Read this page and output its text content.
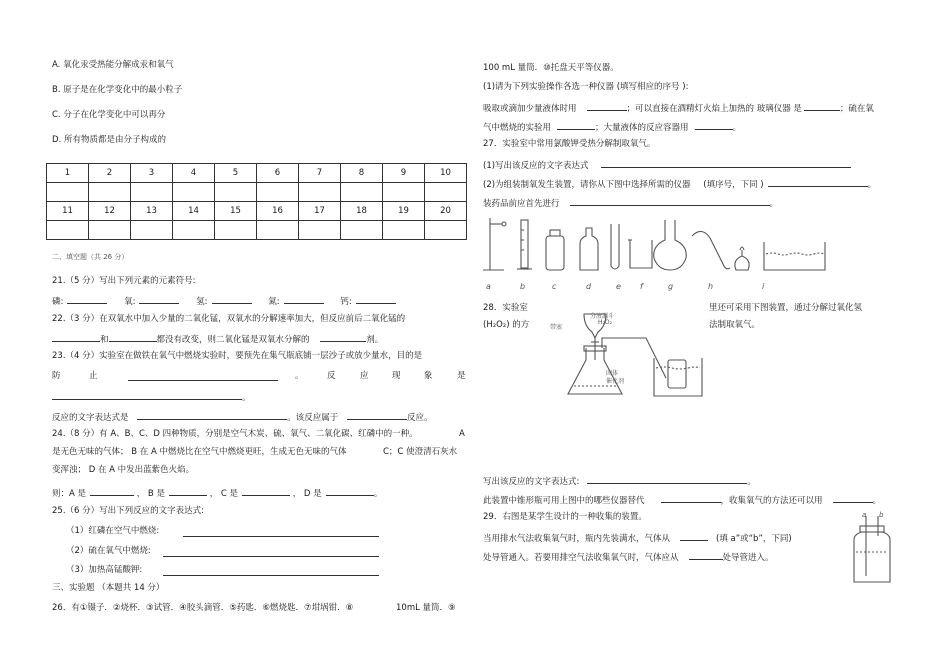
A. 氧化汞受热能分解成汞和氧气
B. 原子是在化学变化中的最小粒子
C. 分子在化学变化中可以再分
D. 所有物质都是由分子构成的
1	2	3	4	5	6	7	8	9	10

11	12	13	14	15	16	17	18	19	20

二、填空题（共 26 分）
21.（5 分）写出下列元素的元素符号:
磷:	氧:	氢:	氮:	钙:
22.（3 分）在双氧水中加入少量的二氧化锰，双氧水的分解速率加大，但反应前后二氧化锰的
和	都没有改变，则二氧化锰是双氧水分解的	剂。
23.（4 分）实验室在做铁在氧气中燃烧实验时，要预先在集气瓶底铺一层沙子或放少量水，目的是
防	止	。	反	应	现	象	是
。
反应的文字表达式是	。该反应属于	反应。
24.（8 分）有 A、B、C、D 四种物质，分别是空气木炭、硫、氧气、二氧化碳、红磷中的一种。	A
是无色无味的气体； B 在 A 中燃烧比在空气中燃烧更旺，生成无色无味的气体	C；C 使澄清石灰水
变浑浊； D 在 A 中发出蓝紫色火焰。
则：A 是	， B 是	， C 是	， D 是	。
25.（6 分）写出下列反应的文字表达式:
（1）红磷在空气中燃烧:
（2）硫在氧气中燃烧:
（3）加热高锰酸钾:
三、实验题 （本题共 14 分）
26．有①镊子．②烧杯．③试管．④胶头滴管．⑤药匙．⑥燃烧匙．⑦坩埚钳．⑧	10mL 量筒．⑨
100 mL 量筒．⑩托盘天平等仪器。
(1)请为下列实验操作各选一种仪器 (填写相应的序号 ):
吸取或滴加少量液体时用	；可以直接在酒精灯火焰上加热的 玻璃仪器 是	；硫在氧
气中燃烧的实验用	；大量液体的反应容器用	。
27．实验室中常用氯酸钾受热分解制取氧气。
(1)写出该反应的文字表达式
(2)为组装制氧发生装置，请你从下图中选择所需的仪器 (填序号，下同 )	。
装药品前应首先进行	。
a	b	c	d	e f	g	h	i
28．实验室	里还可采用下图装置，通过分解过氧化氢
(H₂O₂) 的方	法制取氧气。
分液漏斗
H₂O₂
带塞
固体
催化剂
写出该反应的文字表达式:	。
此装置中锥形瓶可用上图中的哪些仪器替代	，收集氧气的方法还可以用	。
29．右图是某学生设计的一种收集的装置。
当用排水气法收集氧气时，瓶内先装满水，气体从	(填 a”或“b”，下同)
处导管通入。若要用排空气法收集氧气时，气体应从	处导管进入。
a b
